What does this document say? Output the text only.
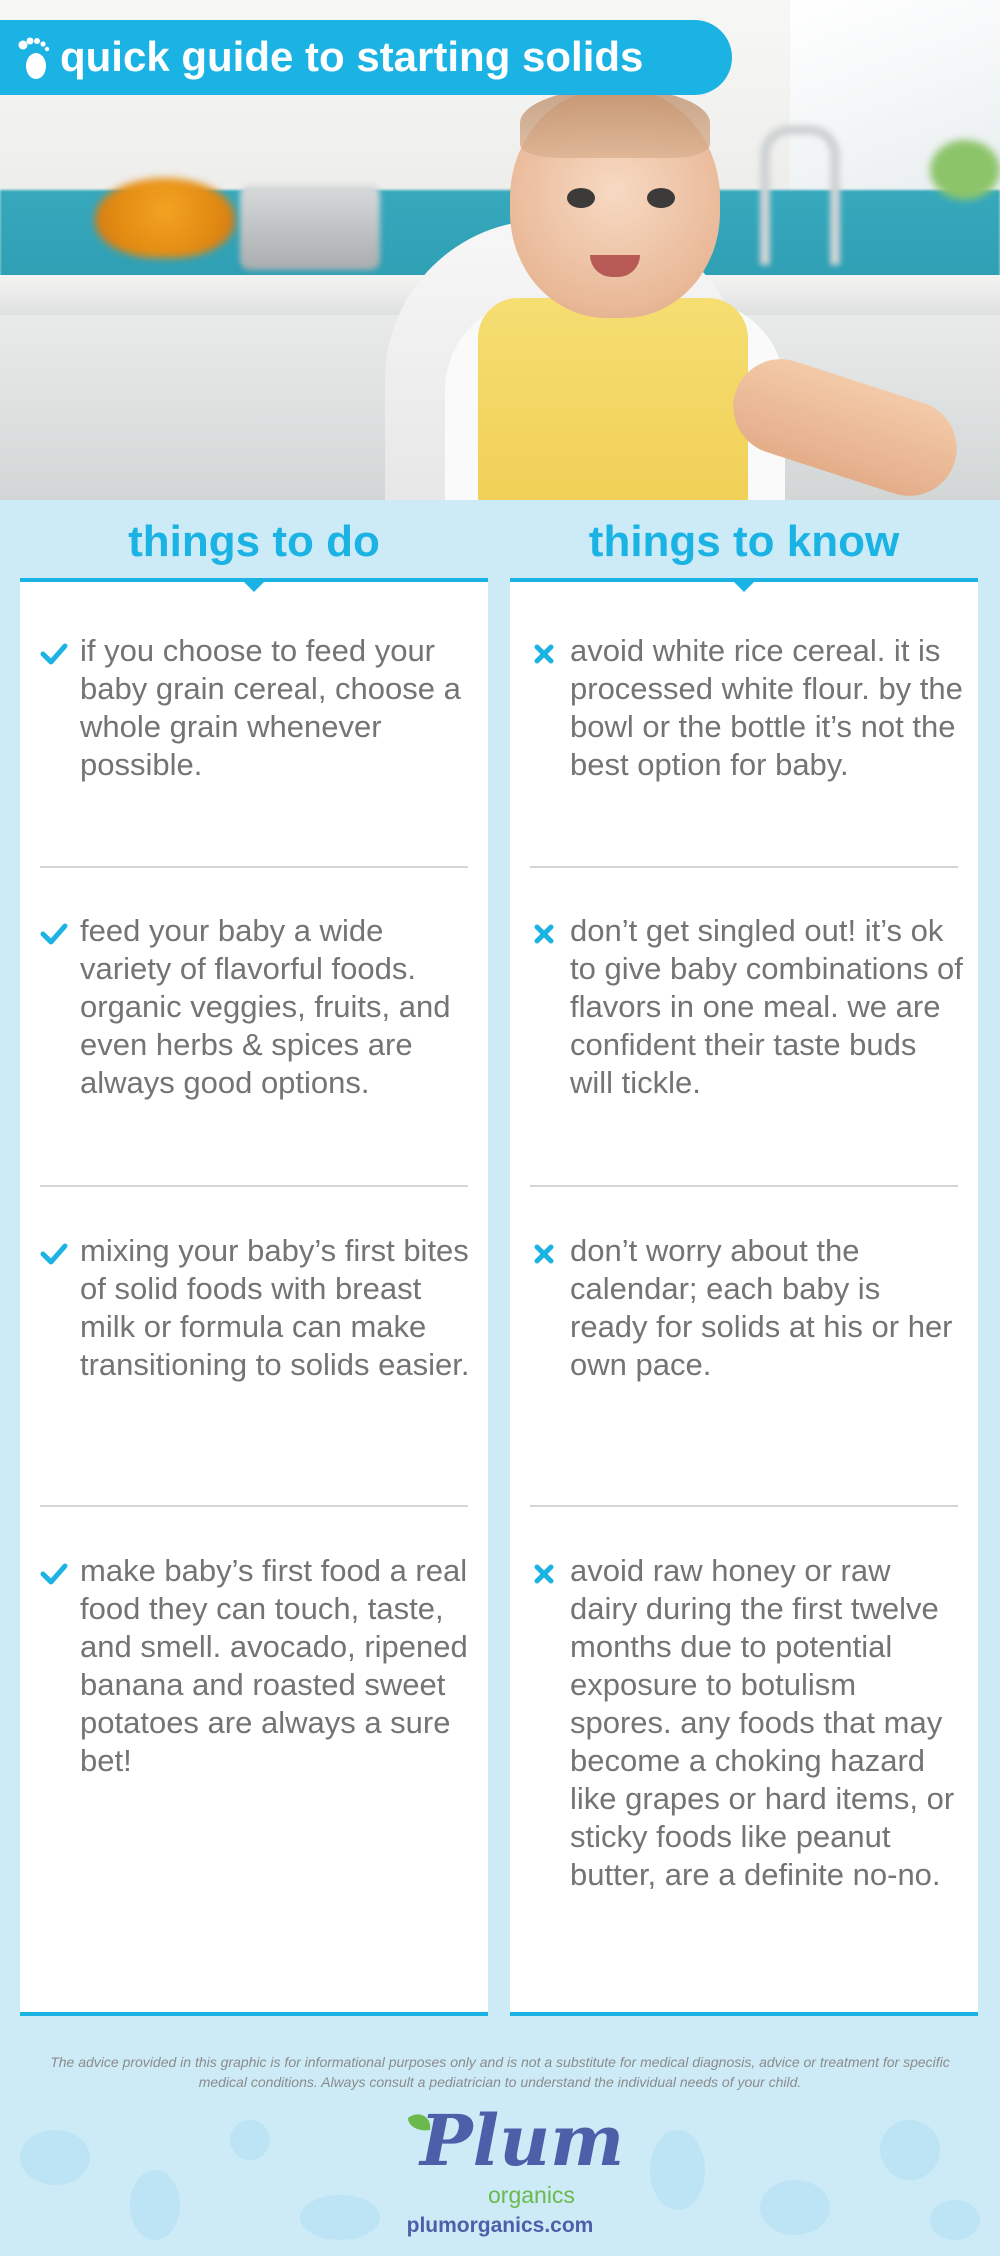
quick guide to starting solids
things to do	things to know
if you choose to feed your baby grain cereal, choose a whole grain whenever possible.
feed your baby a wide variety of flavorful foods. organic veggies, fruits, and even herbs & spices are always good options.
mixing your baby’s first bites of solid foods with breast milk or formula can make transitioning to solids easier.
make baby’s first food a real food they can touch, taste, and smell. avocado, ripened banana and roasted sweet potatoes are always a sure bet!
avoid white rice cereal. it is processed white flour. by the bowl or the bottle it’s not the best option for baby.
don’t get singled out! it’s ok to give baby combinations of flavors in one meal. we are confident their taste buds will tickle.
don’t worry about the calendar; each baby is ready for solids at his or her own pace.
avoid raw honey or raw dairy during the first twelve months due to potential exposure to botulism spores. any foods that may become a choking hazard like grapes or hard items, or sticky foods like peanut butter, are a definite no-no.
The advice provided in this graphic is for informational purposes only and is not a substitute for medical diagnosis, advice or treatment for specific medical conditions. Always consult a pediatrician to understand the individual needs of your child.
Plum
organics
plumorganics.com
